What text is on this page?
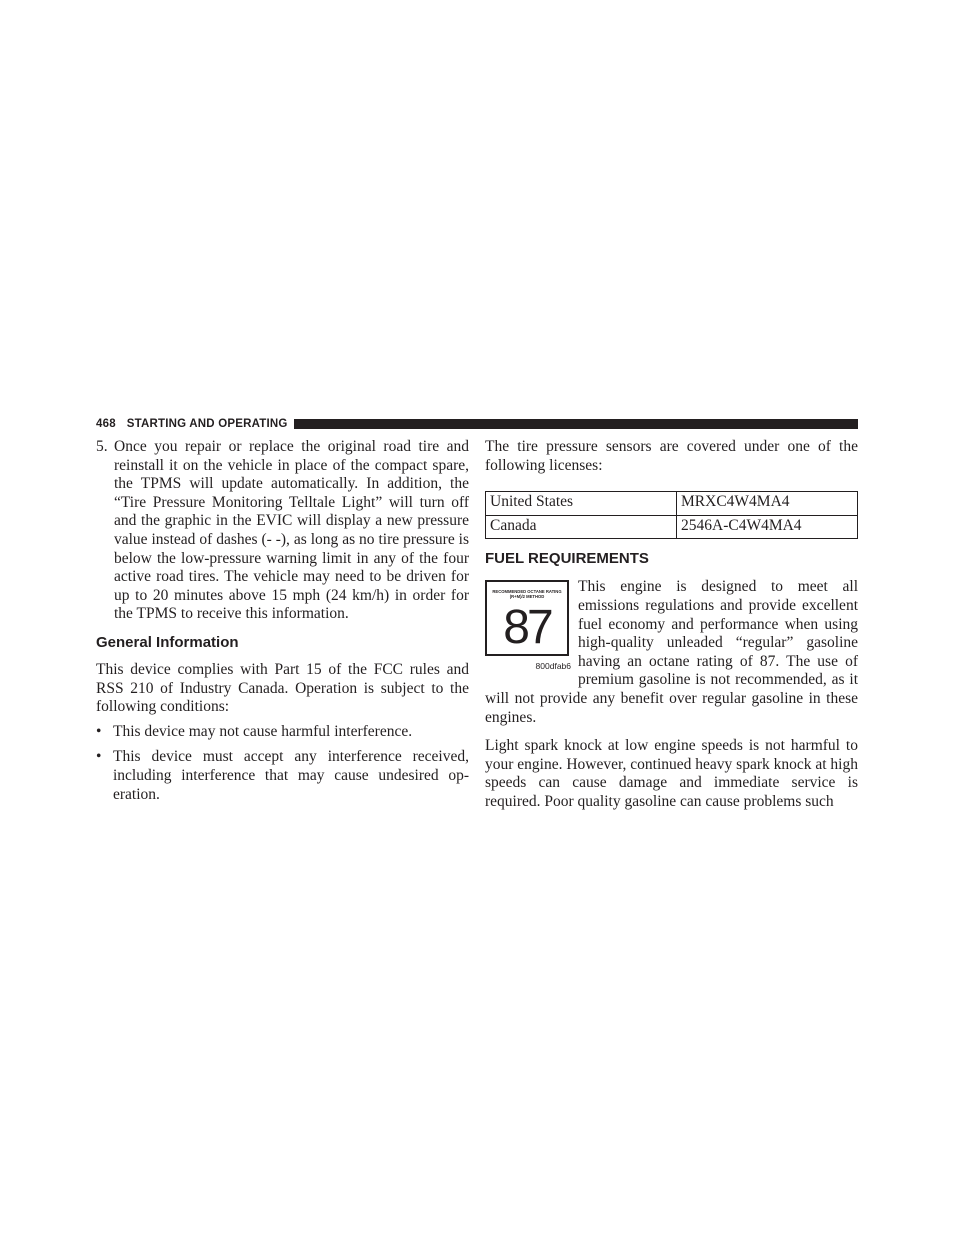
468 STARTING AND OPERATING
5. Once you repair or replace the original road tire and reinstall it on the vehicle in place of the compact spare, the TPMS will update automatically. In addition, the “Tire Pressure Monitoring Telltale Light” will turn off and the graphic in the EVIC will display a new pressure value instead of dashes (- -), as long as no tire pressure is below the low-pressure warning limit in any of the four active road tires. The vehicle may need to be driven for up to 20 minutes above 15 mph (24 km/h) in order for the TPMS to receive this information.
General Information

This device complies with Part 15 of the FCC rules and RSS 210 of Industry Canada. Operation is subject to the following conditions:

• This device may not cause harmful interference.
• This device must accept any interference received, including interference that may cause undesired op-eration.

The tire pressure sensors are covered under one of the following licenses:

United States	MRXC4W4MA4
Canada	2546A-C4W4MA4
FUEL REQUIREMENTS
RECOMMENDED OCTANE RATING (R+M)/2 METHOD
87
800dfab6

This engine is designed to meet all emissions regulations and provide excellent fuel economy and performance when using high-quality unleaded “regular” gasoline having an octane rating of 87. The use of premium gasoline is not recommended, as it will not provide any benefit over regular gasoline in these engines.

Light spark knock at low engine speeds is not harmful to your engine. However, continued heavy spark knock at high speeds can cause damage and immediate service is required. Poor quality gasoline can cause problems such
